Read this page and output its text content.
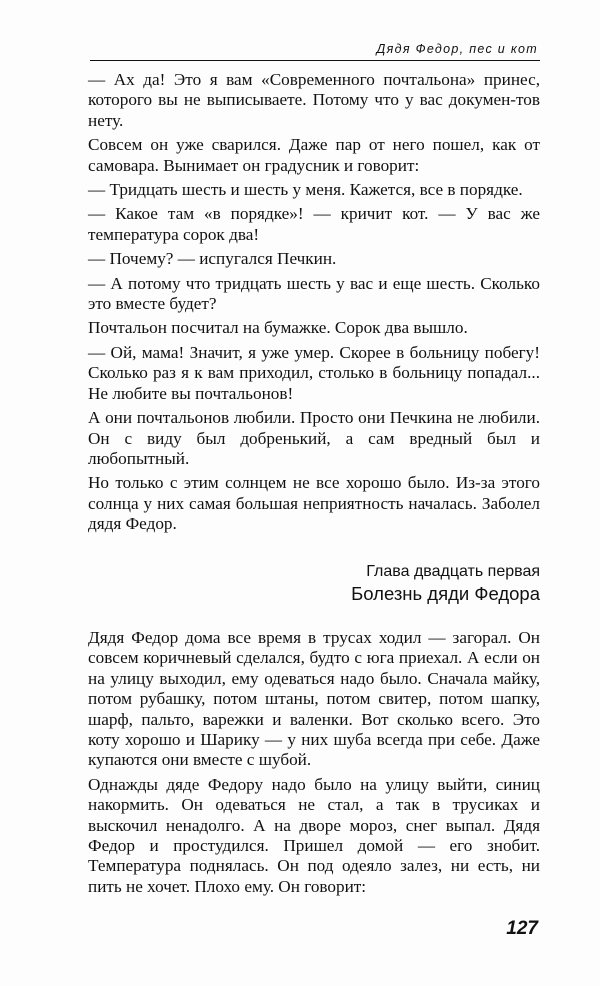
Дядя Федор, пес и кот

— Ах да! Это я вам «Современного почтальона» принес, которого вы не выписываете. Потому что у вас докумен-тов нету.

Совсем он уже сварился. Даже пар от него пошел, как от самовара. Вынимает он градусник и говорит:

— Тридцать шесть и шесть у меня. Кажется, все в порядке.

— Какое там «в порядке»! — кричит кот. — У вас же температура сорок два!

— Почему? — испугался Печкин.

— А потому что тридцать шесть у вас и еще шесть. Сколько это вместе будет?

Почтальон посчитал на бумажке. Сорок два вышло.

— Ой, мама! Значит, я уже умер. Скорее в больницу побегу! Сколько раз я к вам приходил, столько в больницу попадал... Не любите вы почтальонов!

А они почтальонов любили. Просто они Печкина не любили. Он с виду был добренький, а сам вредный был и любопытный.

Но только с этим солнцем не все хорошо было. Из-за этого солнца у них самая большая неприятность началась. Заболел дядя Федор.

Глава двадцать первая
Болезнь дяди Федора

Дядя Федор дома все время в трусах ходил — загорал. Он совсем коричневый сделался, будто с юга приехал. А если он на улицу выходил, ему одеваться надо было. Сначала майку, потом рубашку, потом штаны, потом свитер, потом шапку, шарф, пальто, варежки и валенки. Вот сколько всего. Это коту хорошо и Шарику — у них шуба всегда при себе. Даже купаются они вместе с шубой.

Однажды дяде Федору надо было на улицу выйти, синиц накормить. Он одеваться не стал, а так в трусиках и выскочил ненадолго. А на дворе мороз, снег выпал. Дядя Федор и простудился. Пришел домой — его знобит. Температура поднялась. Он под одеяло залез, ни есть, ни пить не хочет. Плохо ему. Он говорит:

127
